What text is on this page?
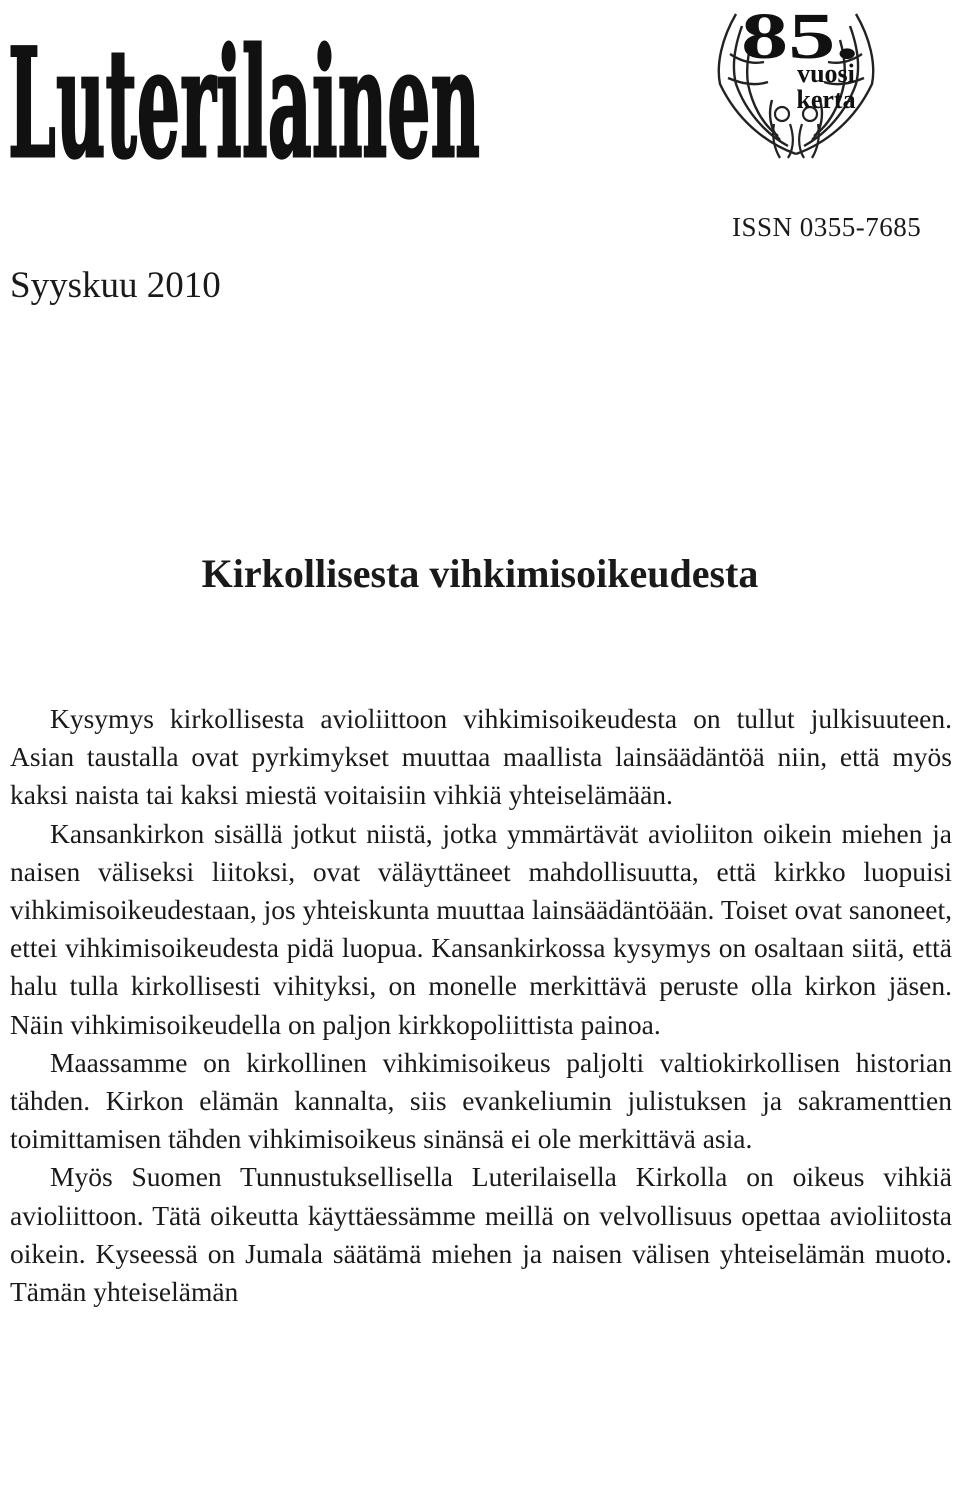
Luterilainen	85.
vuosi
kerta
ISSN 0355-7685
Syyskuu 2010
Kirkollisesta vihkimisoikeudesta

Kysymys kirkollisesta avioliittoon vihkimisoikeudesta on tullut julkisuuteen. Asian taustalla ovat pyrkimykset muuttaa maallista lainsäädäntöä niin, että myös kaksi naista tai kaksi miestä voitaisiin vihkiä yhteiselämään.

Kansankirkon sisällä jotkut niistä, jotka ymmärtävät avioliiton oikein miehen ja naisen väliseksi liitoksi, ovat väläyttäneet mahdollisuutta, että kirkko luopuisi vihkimisoikeudestaan, jos yhteiskunta muuttaa lainsäädäntöään. Toiset ovat sanoneet, ettei vihkimisoikeudesta pidä luopua. Kansankirkossa kysymys on osaltaan siitä, että halu tulla kirkollisesti vihityksi, on monelle merkittävä peruste olla kirkon jäsen. Näin vihkimisoikeudella on paljon kirkkopoliittista painoa.

Maassamme on kirkollinen vihkimisoikeus paljolti valtiokirkollisen historian tähden. Kirkon elämän kannalta, siis evankeliumin julistuksen ja sakramenttien toimittamisen tähden vihkimisoikeus sinänsä ei ole merkittävä asia.

Myös Suomen Tunnustuksellisella Luterilaisella Kirkolla on oikeus vihkiä avioliittoon. Tätä oikeutta käyttäessämme meillä on velvollisuus opettaa avioliitosta oikein. Kyseessä on Jumala säätämä miehen ja naisen välisen yhteiselämän muoto. Tämän yhteiselämän
